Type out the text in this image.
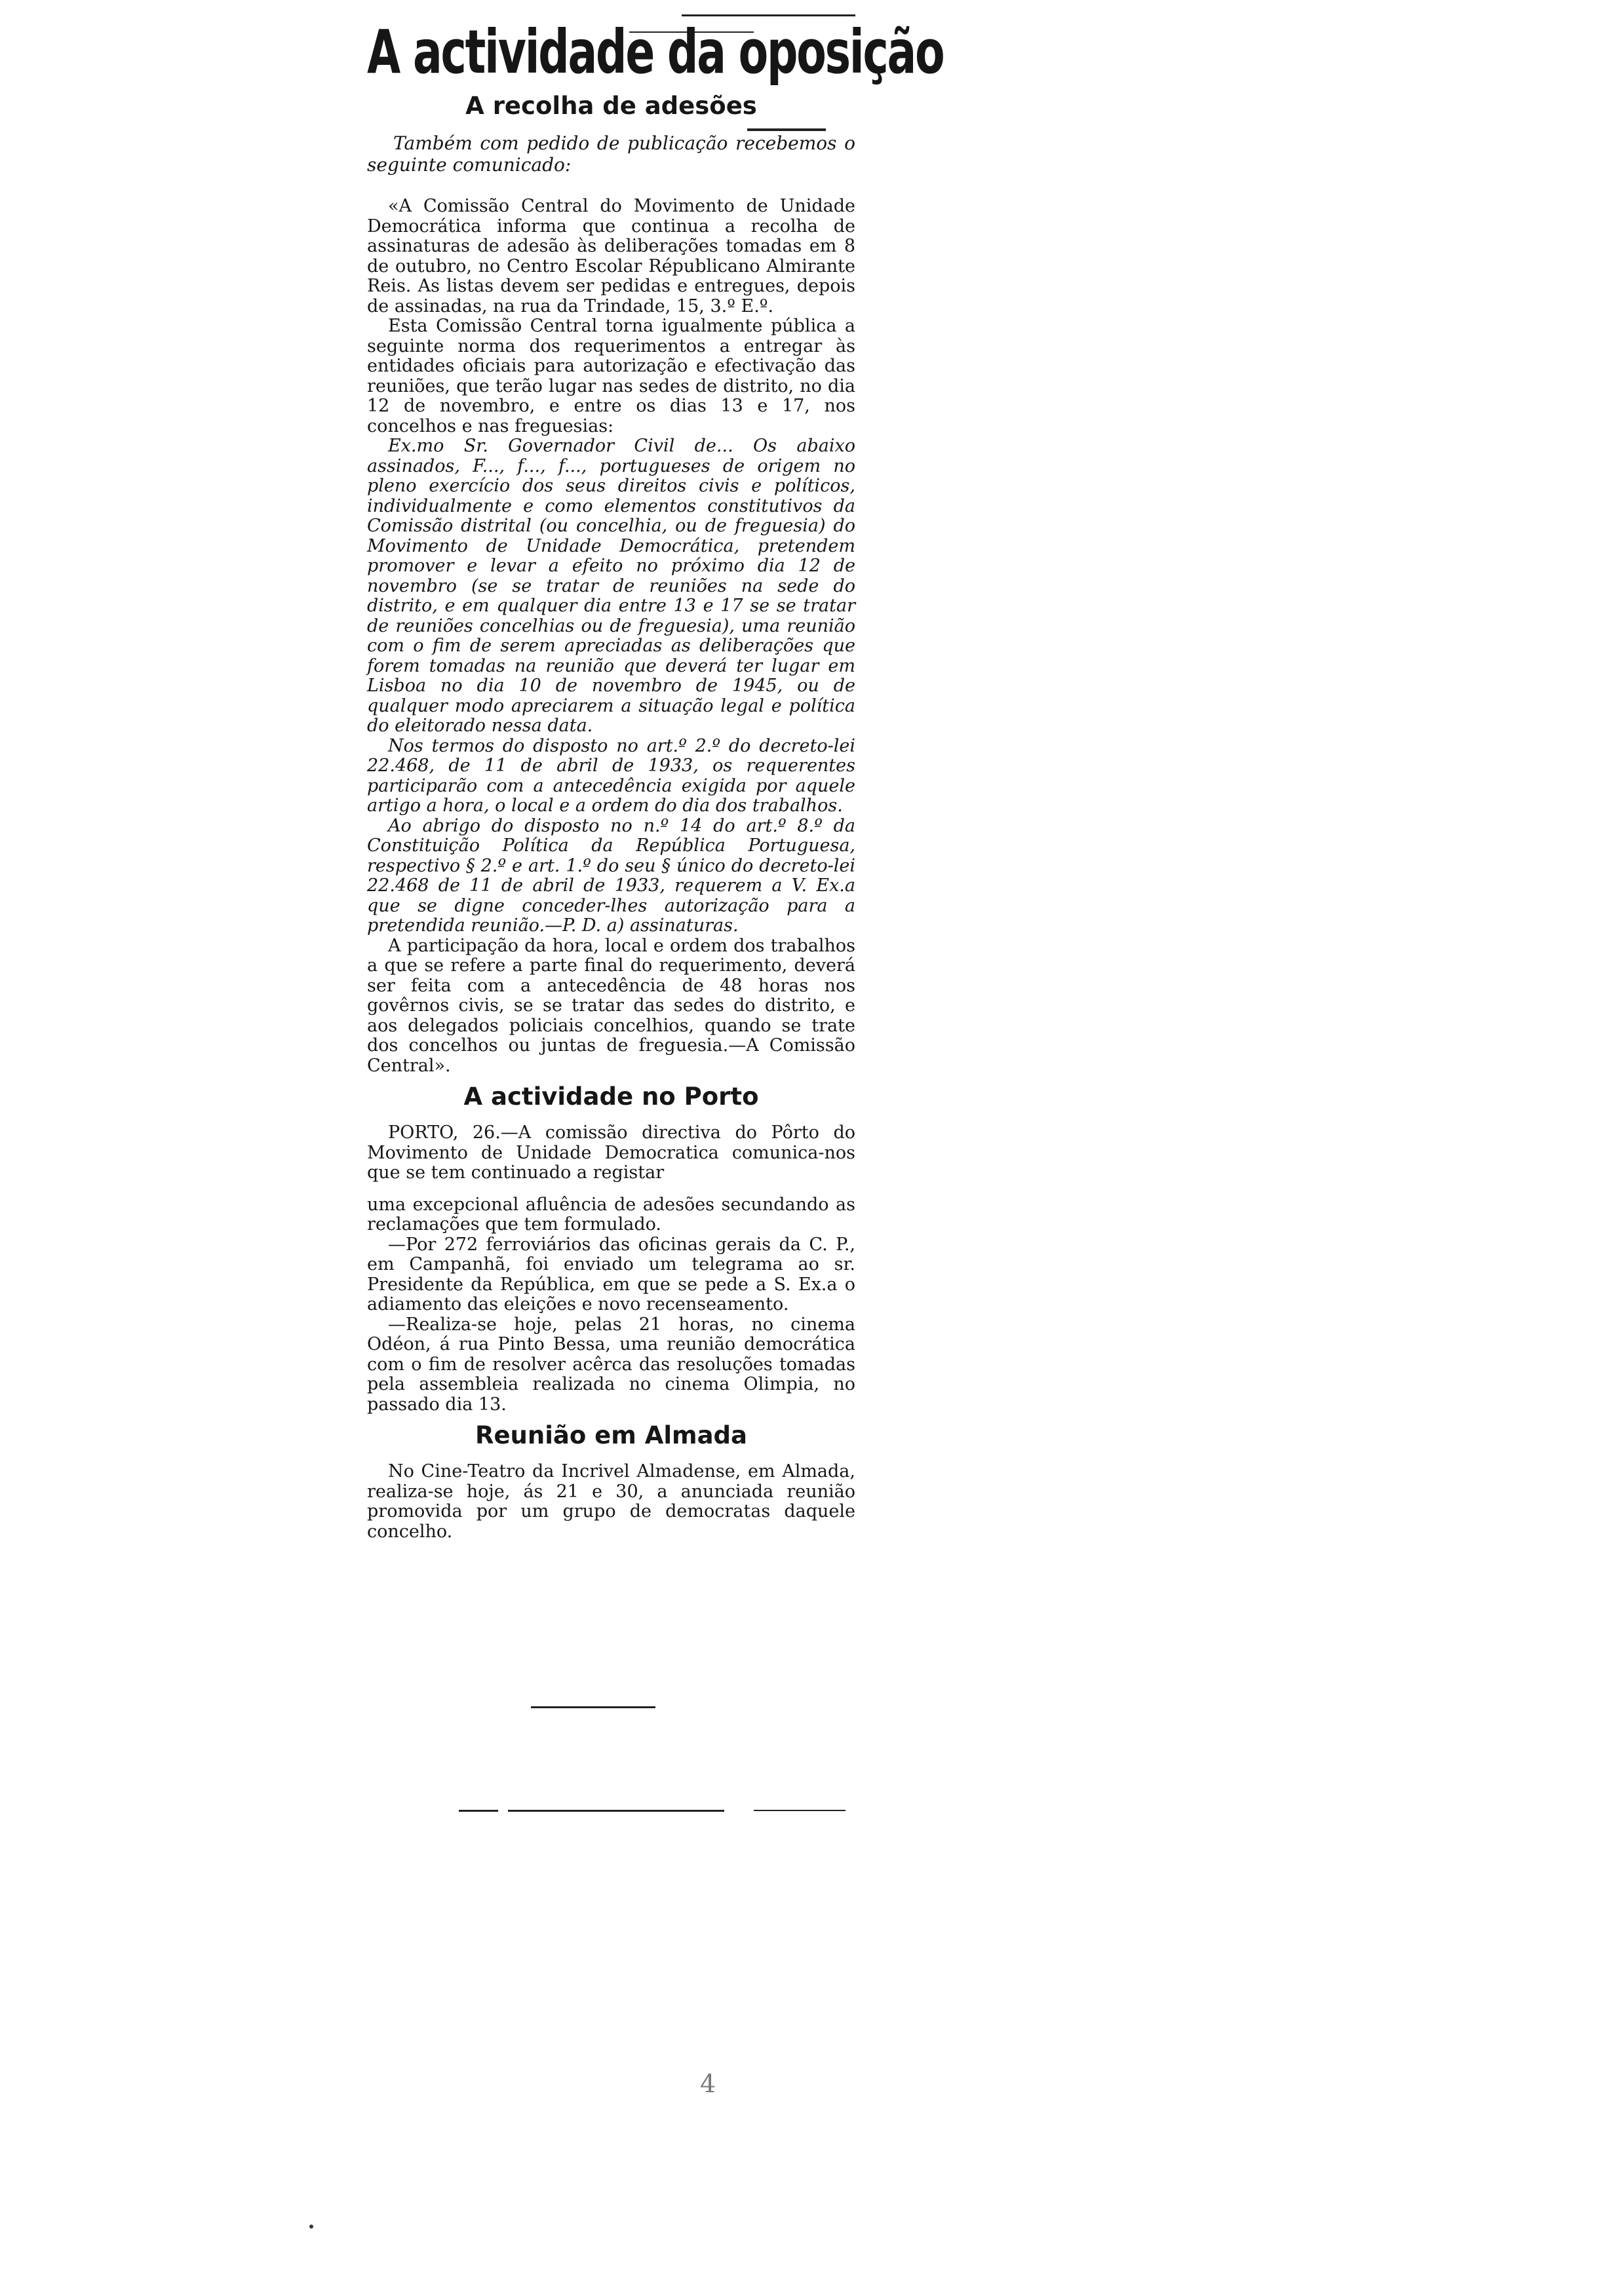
A actividade da oposição
A recolha de adesões

Também com pedido de publicação recebemos o seguinte comunicado:

«A Comissão Central do Movimento de Unidade Democrática informa que continua a recolha de assinaturas de adesão às deliberações tomadas em 8 de outubro, no Centro Escolar Républicano Almirante Reis. As listas devem ser pedidas e entregues, depois de assinadas, na rua da Trindade, 15, 3.º E.º.

Esta Comissão Central torna igualmente pública a seguinte norma dos requerimentos a entregar às entidades oficiais para autorização e efectivação das reuniões, que terão lugar nas sedes de distrito, no dia 12 de novembro, e entre os dias 13 e 17, nos concelhos e nas freguesias:

Ex.mo Sr. Governador Civil de... Os abaixo assinados, F..., f..., f..., portugueses de origem no pleno exercício dos seus direitos civis e políticos, individualmente e como elementos constitutivos da Comissão distrital (ou concelhia, ou de freguesia) do Movimento de Unidade Democrática, pretendem promover e levar a efeito no próximo dia 12 de novembro (se se tratar de reuniões na sede do distrito, e em qualquer dia entre 13 e 17 se se tratar de reuniões concelhias ou de freguesia), uma reunião com o fim de serem apreciadas as deliberações que forem tomadas na reunião que deverá ter lugar em Lisboa no dia 10 de novembro de 1945, ou de qualquer modo apreciarem a situação legal e política do eleitorado nessa data.

Nos termos do disposto no art.º 2.º do decreto-lei 22.468, de 11 de abril de 1933, os requerentes participarão com a antecedência exigida por aquele artigo a hora, o local e a ordem do dia dos trabalhos.

Ao abrigo do disposto no n.º 14 do art.º 8.º da Constituição Política da República Portuguesa, respectivo § 2.º e art. 1.º do seu § único do decreto-lei 22.468 de 11 de abril de 1933, requerem a V. Ex.a que se digne conceder-lhes autorização para a pretendida reunião.—P. D. a) assinaturas.

A participação da hora, local e ordem dos trabalhos a que se refere a parte final do requerimento, deverá ser feita com a antecedência de 48 horas nos govêrnos civis, se se tratar das sedes do distrito, e aos delegados policiais concelhios, quando se trate dos concelhos ou juntas de freguesia.—A Comissão Central».

A actividade no Porto

PORTO, 26.—A comissão directiva do Pôrto do Movimento de Unidade Democratica comunica-nos que se tem continuado a registar

uma excepcional afluência de adesões secundando as reclamações que tem formulado.

—Por 272 ferroviários das oficinas gerais da C. P., em Campanhã, foi enviado um telegrama ao sr. Presidente da República, em que se pede a S. Ex.a o adiamento das eleições e novo recenseamento.

—Realiza-se hoje, pelas 21 horas, no cinema Odéon, á rua Pinto Bessa, uma reunião democrática com o fim de resolver acêrca das resoluções tomadas pela assembleia realizada no cinema Olimpia, no passado dia 13.

Reunião em Almada

No Cine-Teatro da Incrivel Almadense, em Almada, realiza-se hoje, ás 21 e 30, a anunciada reunião promovida por um grupo de democratas daquele concelho.

4
